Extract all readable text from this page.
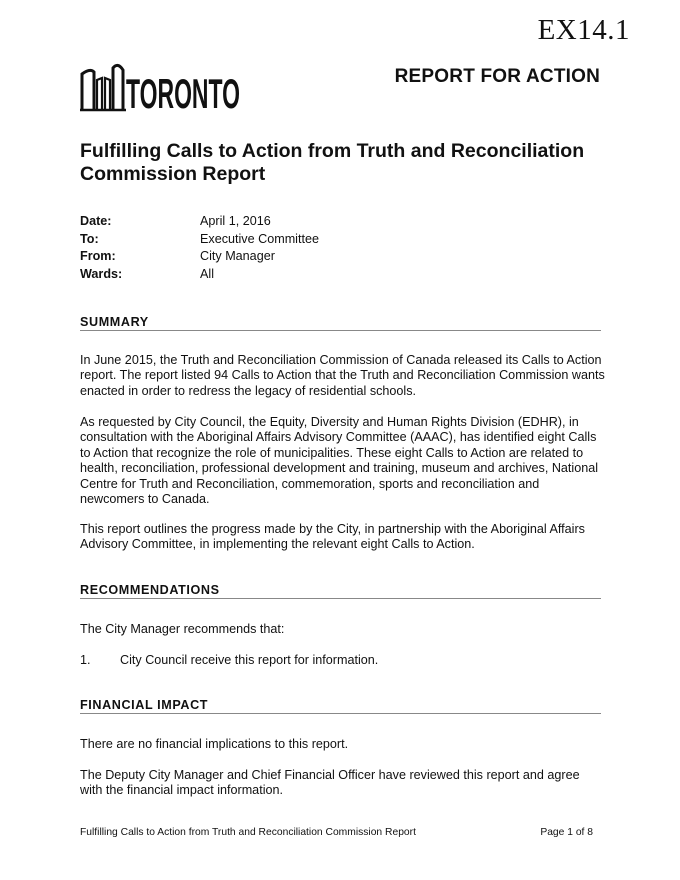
EX14.1
TORONTO	REPORT FOR ACTION
Fulfilling Calls to Action from Truth and Reconciliation Commission Report
Date:	April 1, 2016
To:	Executive Committee
From:	City Manager
Wards:	All
SUMMARY
In June 2015, the Truth and Reconciliation Commission of Canada released its Calls to Action report. The report listed 94 Calls to Action that the Truth and Reconciliation Commission wants enacted in order to redress the legacy of residential schools.
As requested by City Council, the Equity, Diversity and Human Rights Division (EDHR), in consultation with the Aboriginal Affairs Advisory Committee (AAAC), has identified eight Calls to Action that recognize the role of municipalities. These eight Calls to Action are related to health, reconciliation, professional development and training, museum and archives, National Centre for Truth and Reconciliation, commemoration, sports and reconciliation and newcomers to Canada.
This report outlines the progress made by the City, in partnership with the Aboriginal Affairs Advisory Committee, in implementing the relevant eight Calls to Action.
RECOMMENDATIONS
The City Manager recommends that:
1.	City Council receive this report for information.
FINANCIAL IMPACT
There are no financial implications to this report.
The Deputy City Manager and Chief Financial Officer have reviewed this report and agree with the financial impact information.
Fulfilling Calls to Action from Truth and Reconciliation Commission Report	Page 1 of 8
